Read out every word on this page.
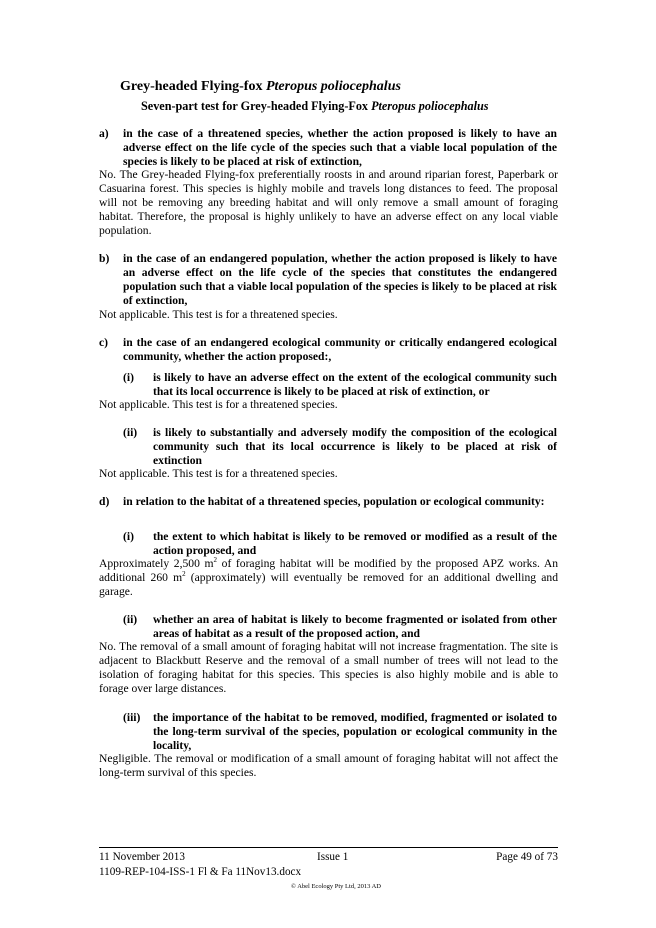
Grey-headed Flying-fox Pteropus poliocephalus
Seven-part test for Grey-headed Flying-Fox Pteropus poliocephalus
a) in the case of a threatened species, whether the action proposed is likely to have an adverse effect on the life cycle of the species such that a viable local population of the species is likely to be placed at risk of extinction,
No. The Grey-headed Flying-fox preferentially roosts in and around riparian forest, Paperbark or Casuarina forest. This species is highly mobile and travels long distances to feed. The proposal will not be removing any breeding habitat and will only remove a small amount of foraging habitat. Therefore, the proposal is highly unlikely to have an adverse effect on any local viable population.
b) in the case of an endangered population, whether the action proposed is likely to have an adverse effect on the life cycle of the species that constitutes the endangered population such that a viable local population of the species is likely to be placed at risk of extinction,
Not applicable. This test is for a threatened species.
c) in the case of an endangered ecological community or critically endangered ecological community, whether the action proposed:,
(i) is likely to have an adverse effect on the extent of the ecological community such that its local occurrence is likely to be placed at risk of extinction, or
Not applicable. This test is for a threatened species.
(ii) is likely to substantially and adversely modify the composition of the ecological community such that its local occurrence is likely to be placed at risk of extinction
Not applicable. This test is for a threatened species.
d) in relation to the habitat of a threatened species, population or ecological community:
(i) the extent to which habitat is likely to be removed or modified as a result of the action proposed, and
Approximately 2,500 $m^2$ of foraging habitat will be modified by the proposed APZ works. An additional 260 $m^2$ (approximately) will eventually be removed for an additional dwelling and garage.
(ii) whether an area of habitat is likely to become fragmented or isolated from other areas of habitat as a result of the proposed action, and
No. The removal of a small amount of foraging habitat will not increase fragmentation. The site is adjacent to Blackbutt Reserve and the removal of a small number of trees will not lead to the isolation of foraging habitat for this species. This species is also highly mobile and is able to forage over large distances.
(iii) the importance of the habitat to be removed, modified, fragmented or isolated to the long-term survival of the species, population or ecological community in the locality,
Negligible. The removal or modification of a small amount of foraging habitat will not affect the long-term survival of this species.
11 November 2013	Issue 1	Page 49 of 73
1109-REP-104-ISS-1 Fl & Fa 11Nov13.docx
© Abel Ecology Pty Ltd, 2013 AD
